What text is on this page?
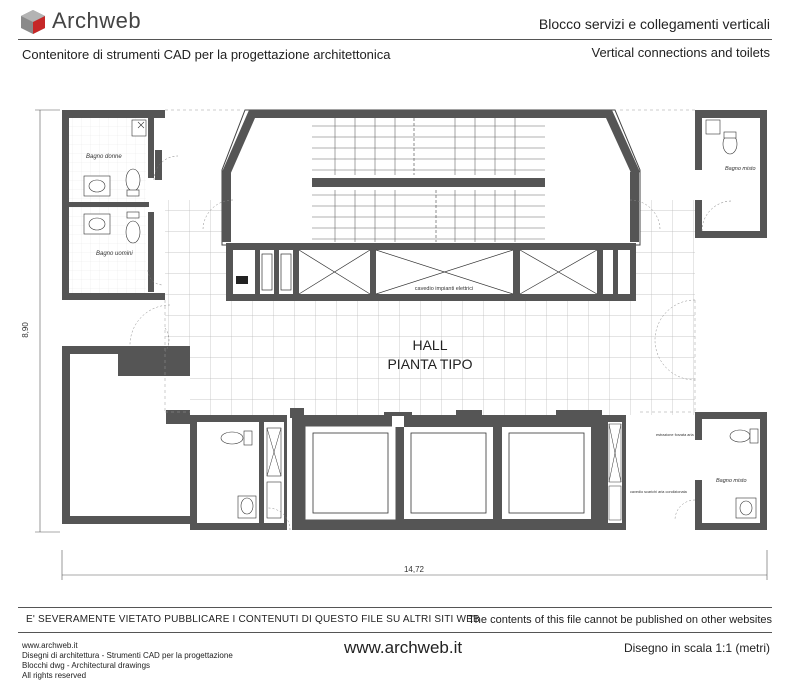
Archweb	Blocco servizi e collegamenti verticali
Contenitore di strumenti CAD per la progettazione architettonica	Vertical connections and toilets
cavedio impianti elettrici
Bagno donne
Bagno uomini
cavedio scarichi aria condizionata
Bagno misto
Bagno misto
estrazione forzata aria
HALL
PIANTA TIPO
8,90
14,72
E' SEVERAMENTE VIETATO PUBBLICARE I CONTENUTI DI QUESTO FILE SU ALTRI SITI WEB
The contents of this file cannot be published on other websites
www.archweb.it
Disegni di architettura - Strumenti CAD per la progettazione
Blocchi dwg - Architectural drawings
All rights reserved
www.archweb.it	Disegno in scala 1:1 (metri)
